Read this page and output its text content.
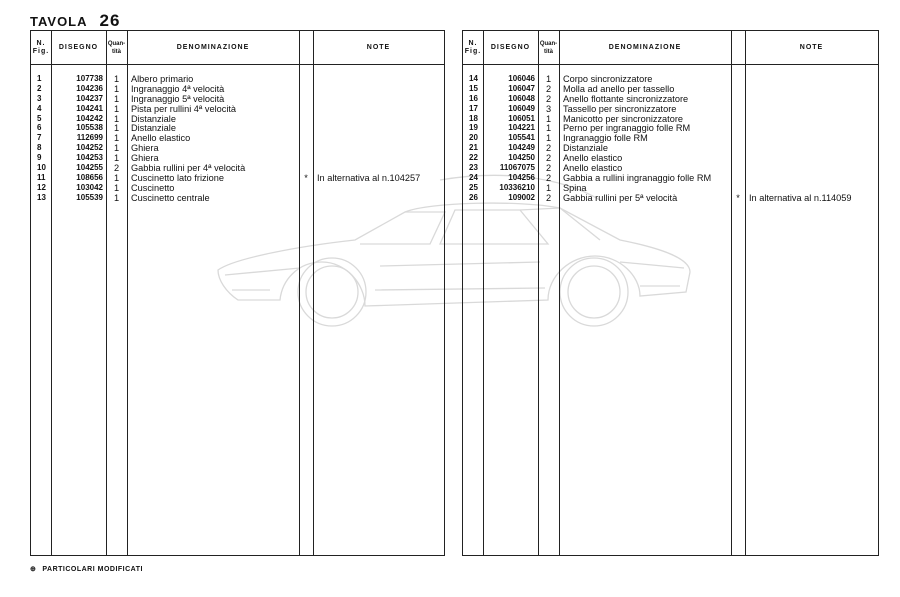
TAVOLA 26
N.
Fig.
DISEGNO	Quan-
tità
DENOMINAZIONE	NOTE
1	107738	1	Albero primario
2	104236	1	Ingranaggio 4ª velocità
3	104237	1	Ingranaggio 5ª velocità
4	104241	1	Pista per rullini 4ª velocità
5	104242	1	Distanziale
6	105538	1	Distanziale
7	112699	1	Anello elastico
8	104252	1	Ghiera
9	104253	1	Ghiera
10	104255	2	Gabbia rullini per 4ª velocità
11	108656	1	Cuscinetto lato frizione	*	In alternativa al n.104257
12	103042	1	Cuscinetto
13	105539	1	Cuscinetto centrale
N.
Fig.
DISEGNO	Quan-
tità
DENOMINAZIONE	NOTE
14	106046	1	Corpo sincronizzatore
15	106047	2	Molla ad anello per tassello
16	106048	2	Anello flottante sincronizzatore
17	106049	3	Tassello per sincronizzatore
18	106051	1	Manicotto per sincronizzatore
19	104221	1	Perno per ingranaggio folle RM
20	105541	1	Ingranaggio folle RM
21	104249	2	Distanziale
22	104250	2	Anello elastico
23	11067075	2	Anello elastico
24	104256	2	Gabbia a rullini ingranaggio folle RM
25	10336210	1	Spina
26	109002	2	Gabbia rullini per 5ª velocità	*	In alternativa al n.114059
⊕ PARTICOLARI MODIFICATI
